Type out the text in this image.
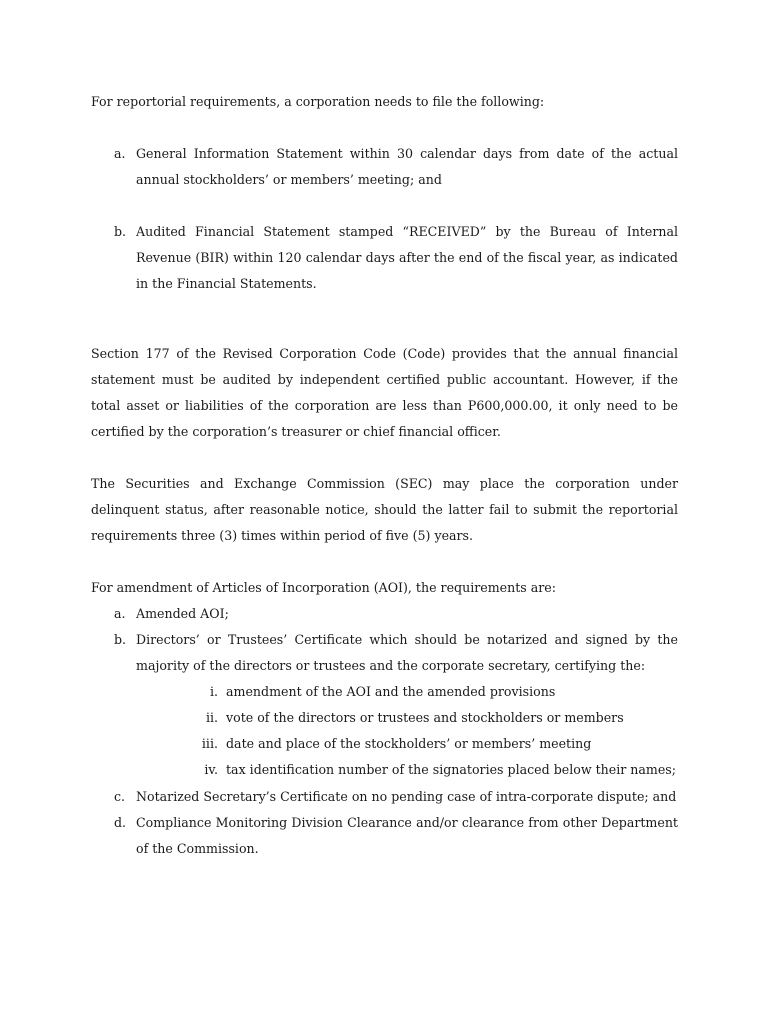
For reportorial requirements, a corporation needs to file the following:

a. General Information Statement within 30 calendar days from date of the actual annual stockholders’ or members’ meeting; and
b. Audited Financial Statement stamped “RECEIVED” by the Bureau of Internal Revenue (BIR) within 120 calendar days after the end of the fiscal year, as indicated in the Financial Statements.

Section 177 of the Revised Corporation Code (Code) provides that the annual financial statement must be audited by independent certified public accountant. However, if the total asset or liabilities of the corporation are less than P600,000.00, it only need to be certified by the corporation’s treasurer or chief financial officer.

The Securities and Exchange Commission (SEC) may place the corporation under delinquent status, after reasonable notice, should the latter fail to submit the reportorial requirements three (3) times within period of five (5) years.

For amendment of Articles of Incorporation (AOI), the requirements are:

a. Amended AOI;
b. Directors’ or Trustees’ Certificate which should be notarized and signed by the majority of the directors or trustees and the corporate secretary, certifying the:
i. amendment of the AOI and the amended provisions
ii. vote of the directors or trustees and stockholders or members
iii. date and place of the stockholders’ or members’ meeting
iv. tax identification number of the signatories placed below their names;
c. Notarized Secretary’s Certificate on no pending case of intra-corporate dispute; and
d. Compliance Monitoring Division Clearance and/or clearance from other Department of the Commission.
